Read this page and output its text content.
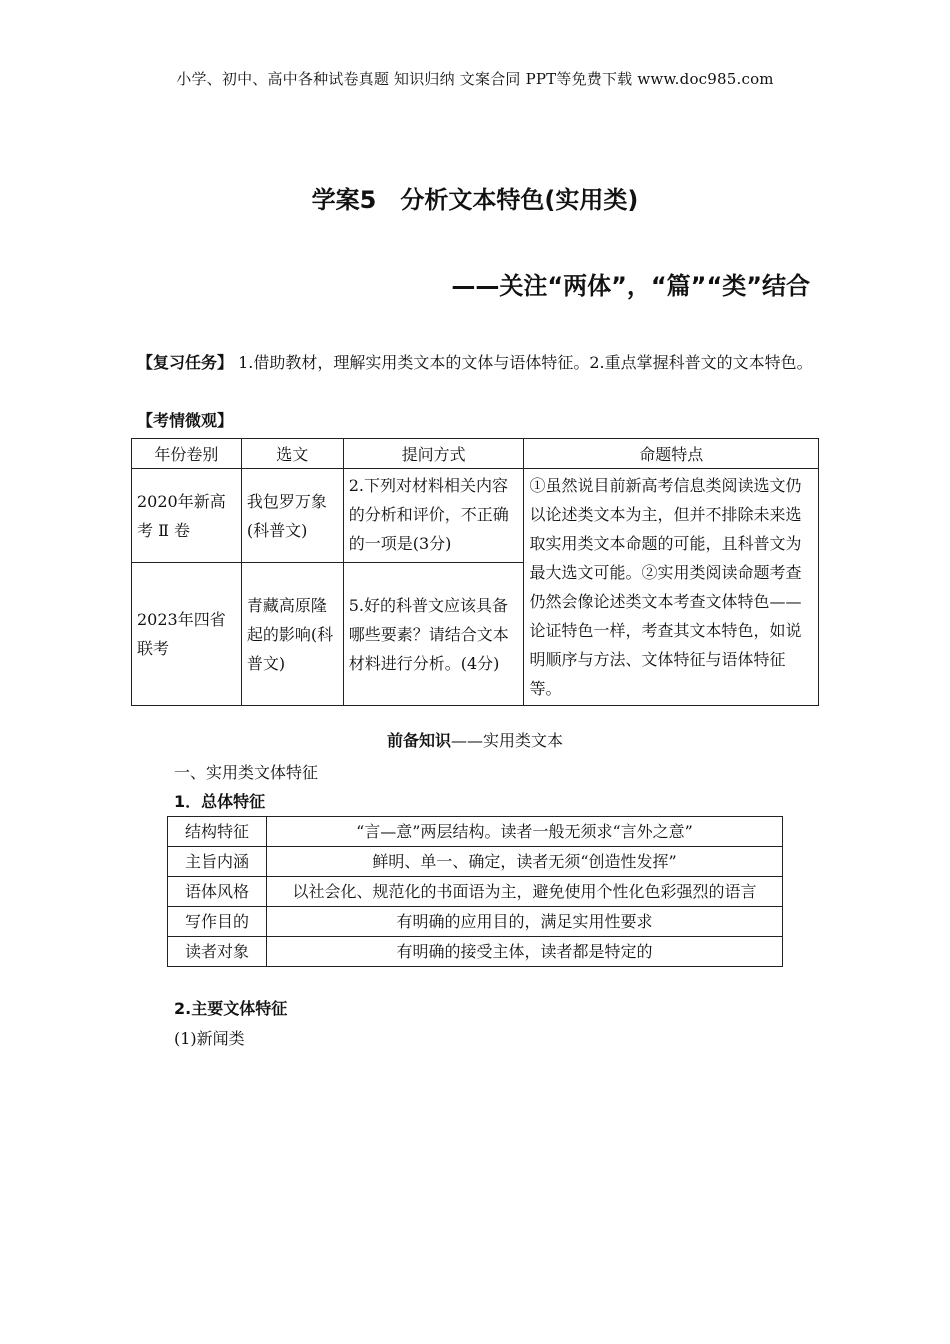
小学、初中、高中各种试卷真题 知识归纳 文案合同 PPT等免费下载 www.doc985.com
学案5　分析文本特色(实用类)
——关注“两体”，“篇”“类”结合
【复习任务】 1.借助教材，理解实用类文本的文体与语体特征。2.重点掌握科普文的文本特色。
【考情微观】
年份卷别	选文	提问方式	命题特点
2020年新高考 Ⅱ 卷	我包罗万象(科普文)	2.下列对材料相关内容的分析和评价，不正确的一项是(3分)	①虽然说目前新高考信息类阅读选文仍以论述类文本为主，但并不排除未来选取实用类文本命题的可能，且科普文为最大选文可能。②实用类阅读命题考查仍然会像论述类文本考查文体特色——论证特色一样，考查其文本特色，如说明顺序与方法、文体特征与语体特征等。
2023年四省联考	青藏高原隆起的影响(科普文)	5.好的科普文应该具备哪些要素？请结合文本材料进行分析。(4分)	
前备知识——实用类文本
一、实用类文体特征
1．总体特征
结构特征	“言—意”两层结构。读者一般无须求“言外之意”
主旨内涵	鲜明、单一、确定，读者无须“创造性发挥”
语体风格	以社会化、规范化的书面语为主，避免使用个性化色彩强烈的语言
写作目的	有明确的应用目的，满足实用性要求
读者对象	有明确的接受主体，读者都是特定的
2.主要文体特征
(1)新闻类
